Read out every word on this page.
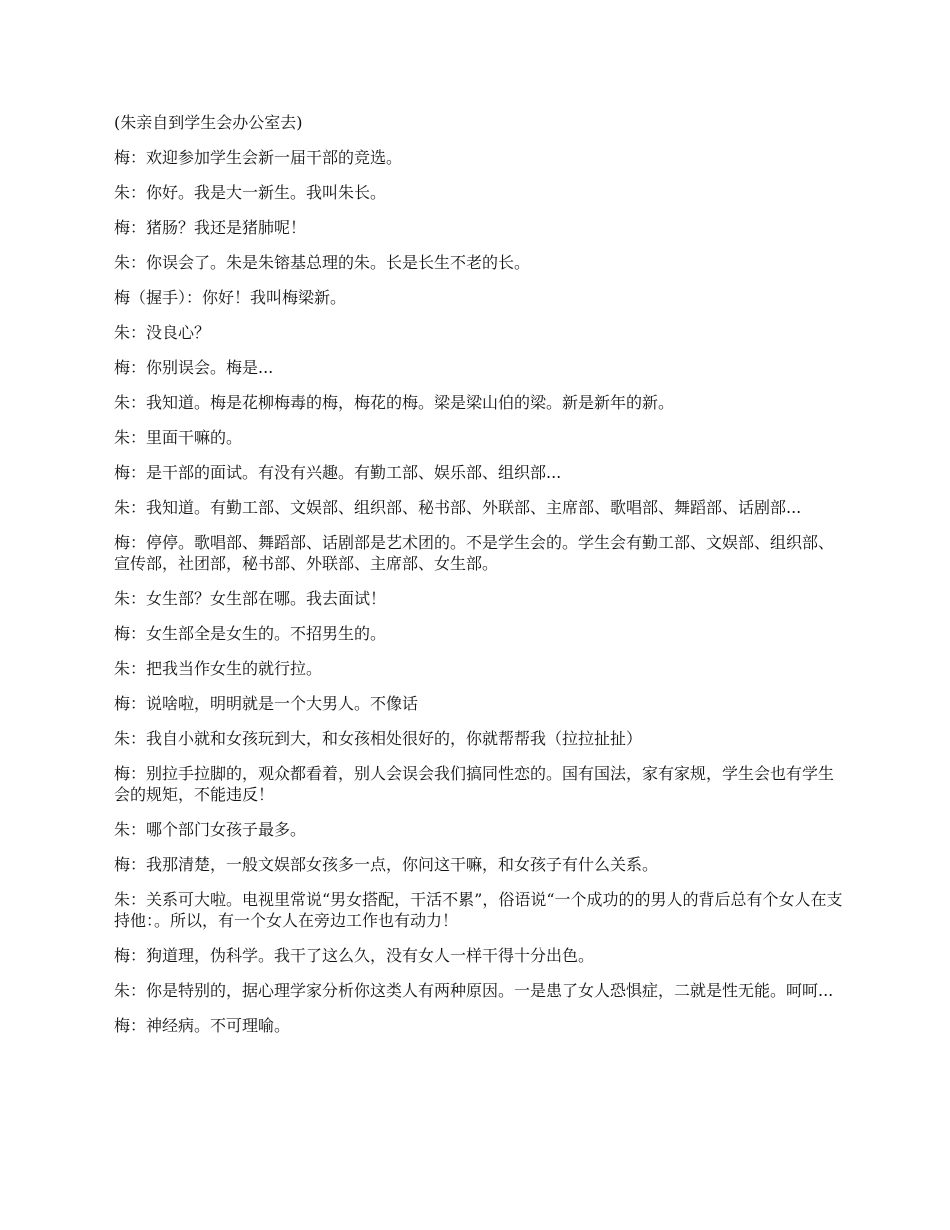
(朱亲自到学生会办公室去)

梅：欢迎参加学生会新一届干部的竞选。

朱：你好。我是大一新生。我叫朱长。

梅：猪肠？我还是猪肺呢！

朱：你误会了。朱是朱镕基总理的朱。长是长生不老的长。

梅（握手）：你好！我叫梅梁新。

朱：没良心？

梅：你别误会。梅是...

朱：我知道。梅是花柳梅毒的梅，梅花的梅。梁是梁山伯的梁。新是新年的新。

朱：里面干嘛的。

梅：是干部的面试。有没有兴趣。有勤工部、娱乐部、组织部...

朱：我知道。有勤工部、文娱部、组织部、秘书部、外联部、主席部、歌唱部、舞蹈部、话剧部...

梅：停停。歌唱部、舞蹈部、话剧部是艺术团的。不是学生会的。学生会有勤工部、文娱部、组织部、宣传部，社团部，秘书部、外联部、主席部、女生部。

朱：女生部？女生部在哪。我去面试！

梅：女生部全是女生的。不招男生的。

朱：把我当作女生的就行拉。

梅：说啥啦，明明就是一个大男人。不像话

朱：我自小就和女孩玩到大，和女孩相处很好的，你就帮帮我（拉拉扯扯）

梅：别拉手拉脚的，观众都看着，别人会误会我们搞同性恋的。国有国法，家有家规，学生会也有学生会的规矩，不能违反！

朱：哪个部门女孩子最多。

梅：我那清楚，一般文娱部女孩多一点，你问这干嘛，和女孩子有什么关系。

朱：关系可大啦。电视里常说“男女搭配，干活不累”，俗语说“一个成功的的男人的背后总有个女人在支持他：。所以，有一个女人在旁边工作也有动力！

梅：狗道理，伪科学。我干了这么久，没有女人一样干得十分出色。

朱：你是特别的，据心理学家分析你这类人有两种原因。一是患了女人恐惧症，二就是性无能。呵呵...

梅：神经病。不可理喻。
